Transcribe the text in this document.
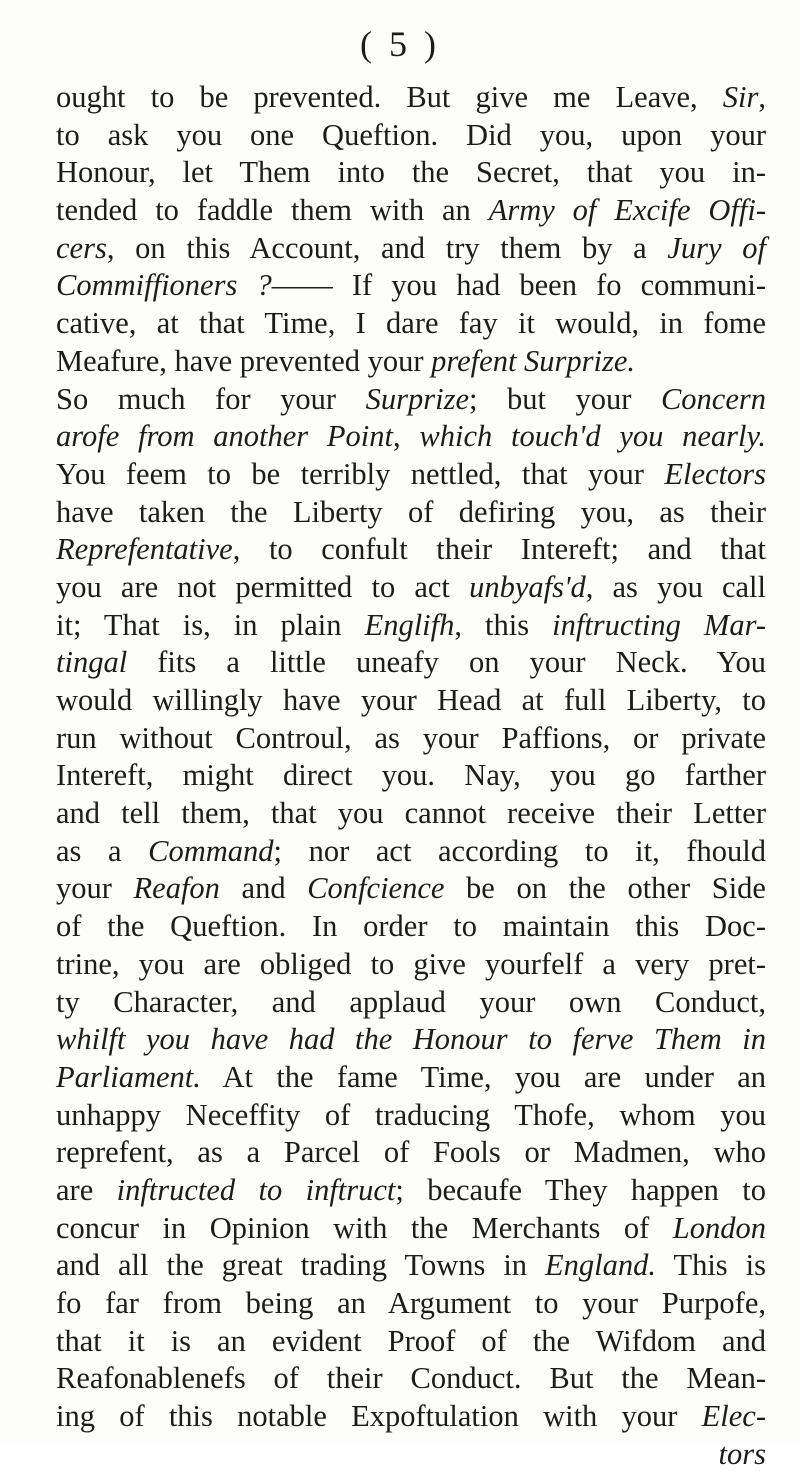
( 5 )
ought to be prevented. But give me Leave, Sir,
to ask you one Queftion. Did you, upon your
Honour, let Them into the Secret, that you in-
tended to faddle them with an Army of Excife Offi-
cers, on this Account, and try them by a Jury of
Commiffioners ?—— If you had been fo communi-
cative, at that Time, I dare fay it would, in fome
Meafure, have prevented your prefent Surprize.
So much for your Surprize; but your Concern
arofe from another Point, which touch'd you nearly.
You feem to be terribly nettled, that your Electors
have taken the Liberty of defiring you, as their
Reprefentative, to confult their Intereft; and that
you are not permitted to act unbyafs'd, as you call
it; That is, in plain Englifh, this inftructing Mar-
tingal fits a little uneafy on your Neck. You
would willingly have your Head at full Liberty, to
run without Controul, as your Paffions, or private
Intereft, might direct you. Nay, you go farther
and tell them, that you cannot receive their Letter
as a Command; nor act according to it, fhould
your Reafon and Confcience be on the other Side
of the Queftion. In order to maintain this Doc-
trine, you are obliged to give yourfelf a very pret-
ty Character, and applaud your own Conduct,
whilft you have had the Honour to ferve Them in
Parliament. At the fame Time, you are under an
unhappy Neceffity of traducing Thofe, whom you
reprefent, as a Parcel of Fools or Madmen, who
are inftructed to inftruct; becaufe They happen to
concur in Opinion with the Merchants of London
and all the great trading Towns in England. This is
fo far from being an Argument to your Purpofe,
that it is an evident Proof of the Wifdom and
Reafonablenefs of their Conduct. But the Mean-
ing of this notable Expoftulation with your Elec-
tors
